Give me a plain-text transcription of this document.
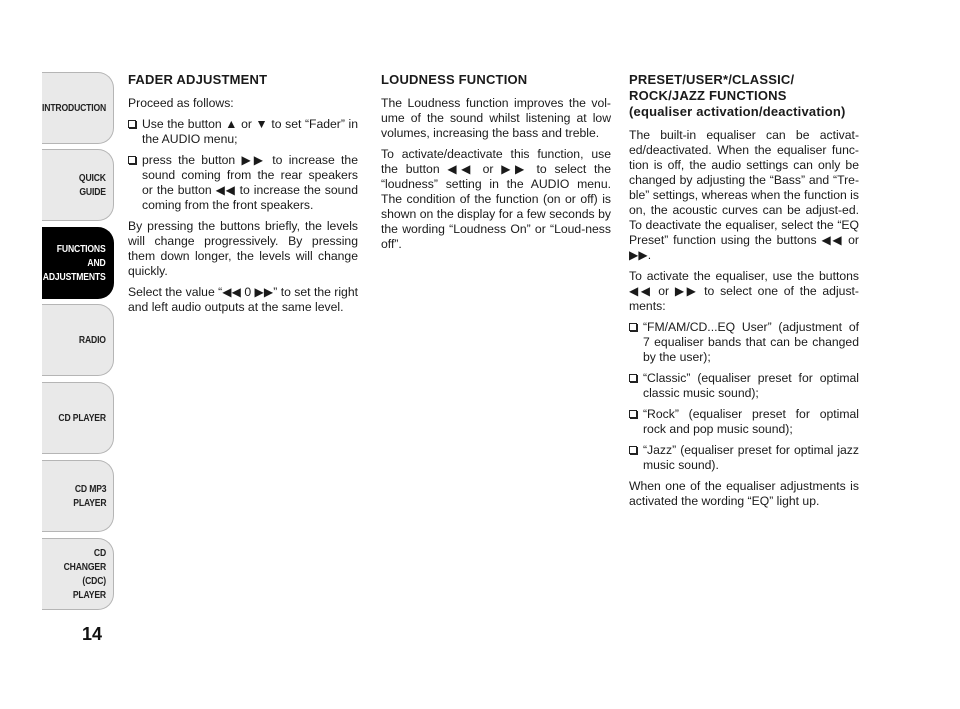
INTRODUCTION
QUICK
GUIDE
FUNCTIONS
AND
ADJUSTMENTS
RADIO
CD PLAYER
CD MP3
PLAYER
CD CHANGER
(CDC) PLAYER
14
FADER ADJUSTMENT

Proceed as follows:

Use the button ▲ or ▼ to set “Fader” in the AUDIO menu;
press the button ▶▶ to increase the sound coming from the rear speakers or the button ◀◀ to increase the sound coming from the front speakers.

By pressing the buttons briefly, the levels will change progressively. By pressing them down longer, the levels will change quickly.

Select the value “◀◀ 0 ▶▶” to set the right and left audio outputs at the same level.

LOUDNESS FUNCTION

The Loudness function improves the vol-ume of the sound whilst listening at low volumes, increasing the bass and treble.

To activate/deactivate this function, use the button ◀◀ or ▶▶ to select the “loudness” setting in the AUDIO menu. The condition of the function (on or off) is shown on the display for a few seconds by the wording “Loudness On” or “Loud-ness off”.

PRESET/USER*/CLASSIC/
ROCK/JAZZ FUNCTIONS
(equaliser activation/deactivation)

The built-in equaliser can be activat-ed/deactivated. When the equaliser func-tion is off, the audio settings can only be changed by adjusting the “Bass” and “Tre-ble” settings, whereas when the function is on, the acoustic curves can be adjust-ed. To deactivate the equaliser, select the “EQ Preset” function using the buttons ◀◀ or ▶▶.

To activate the equaliser, use the buttons ◀◀ or ▶▶ to select one of the adjust-ments:

“FM/AM/CD...EQ User” (adjustment of 7 equaliser bands that can be changed by the user);
“Classic” (equaliser preset for optimal classic music sound);
“Rock” (equaliser preset for optimal rock and pop music sound);
“Jazz” (equaliser preset for optimal jazz music sound).

When one of the equaliser adjustments is activated the wording “EQ” light up.
